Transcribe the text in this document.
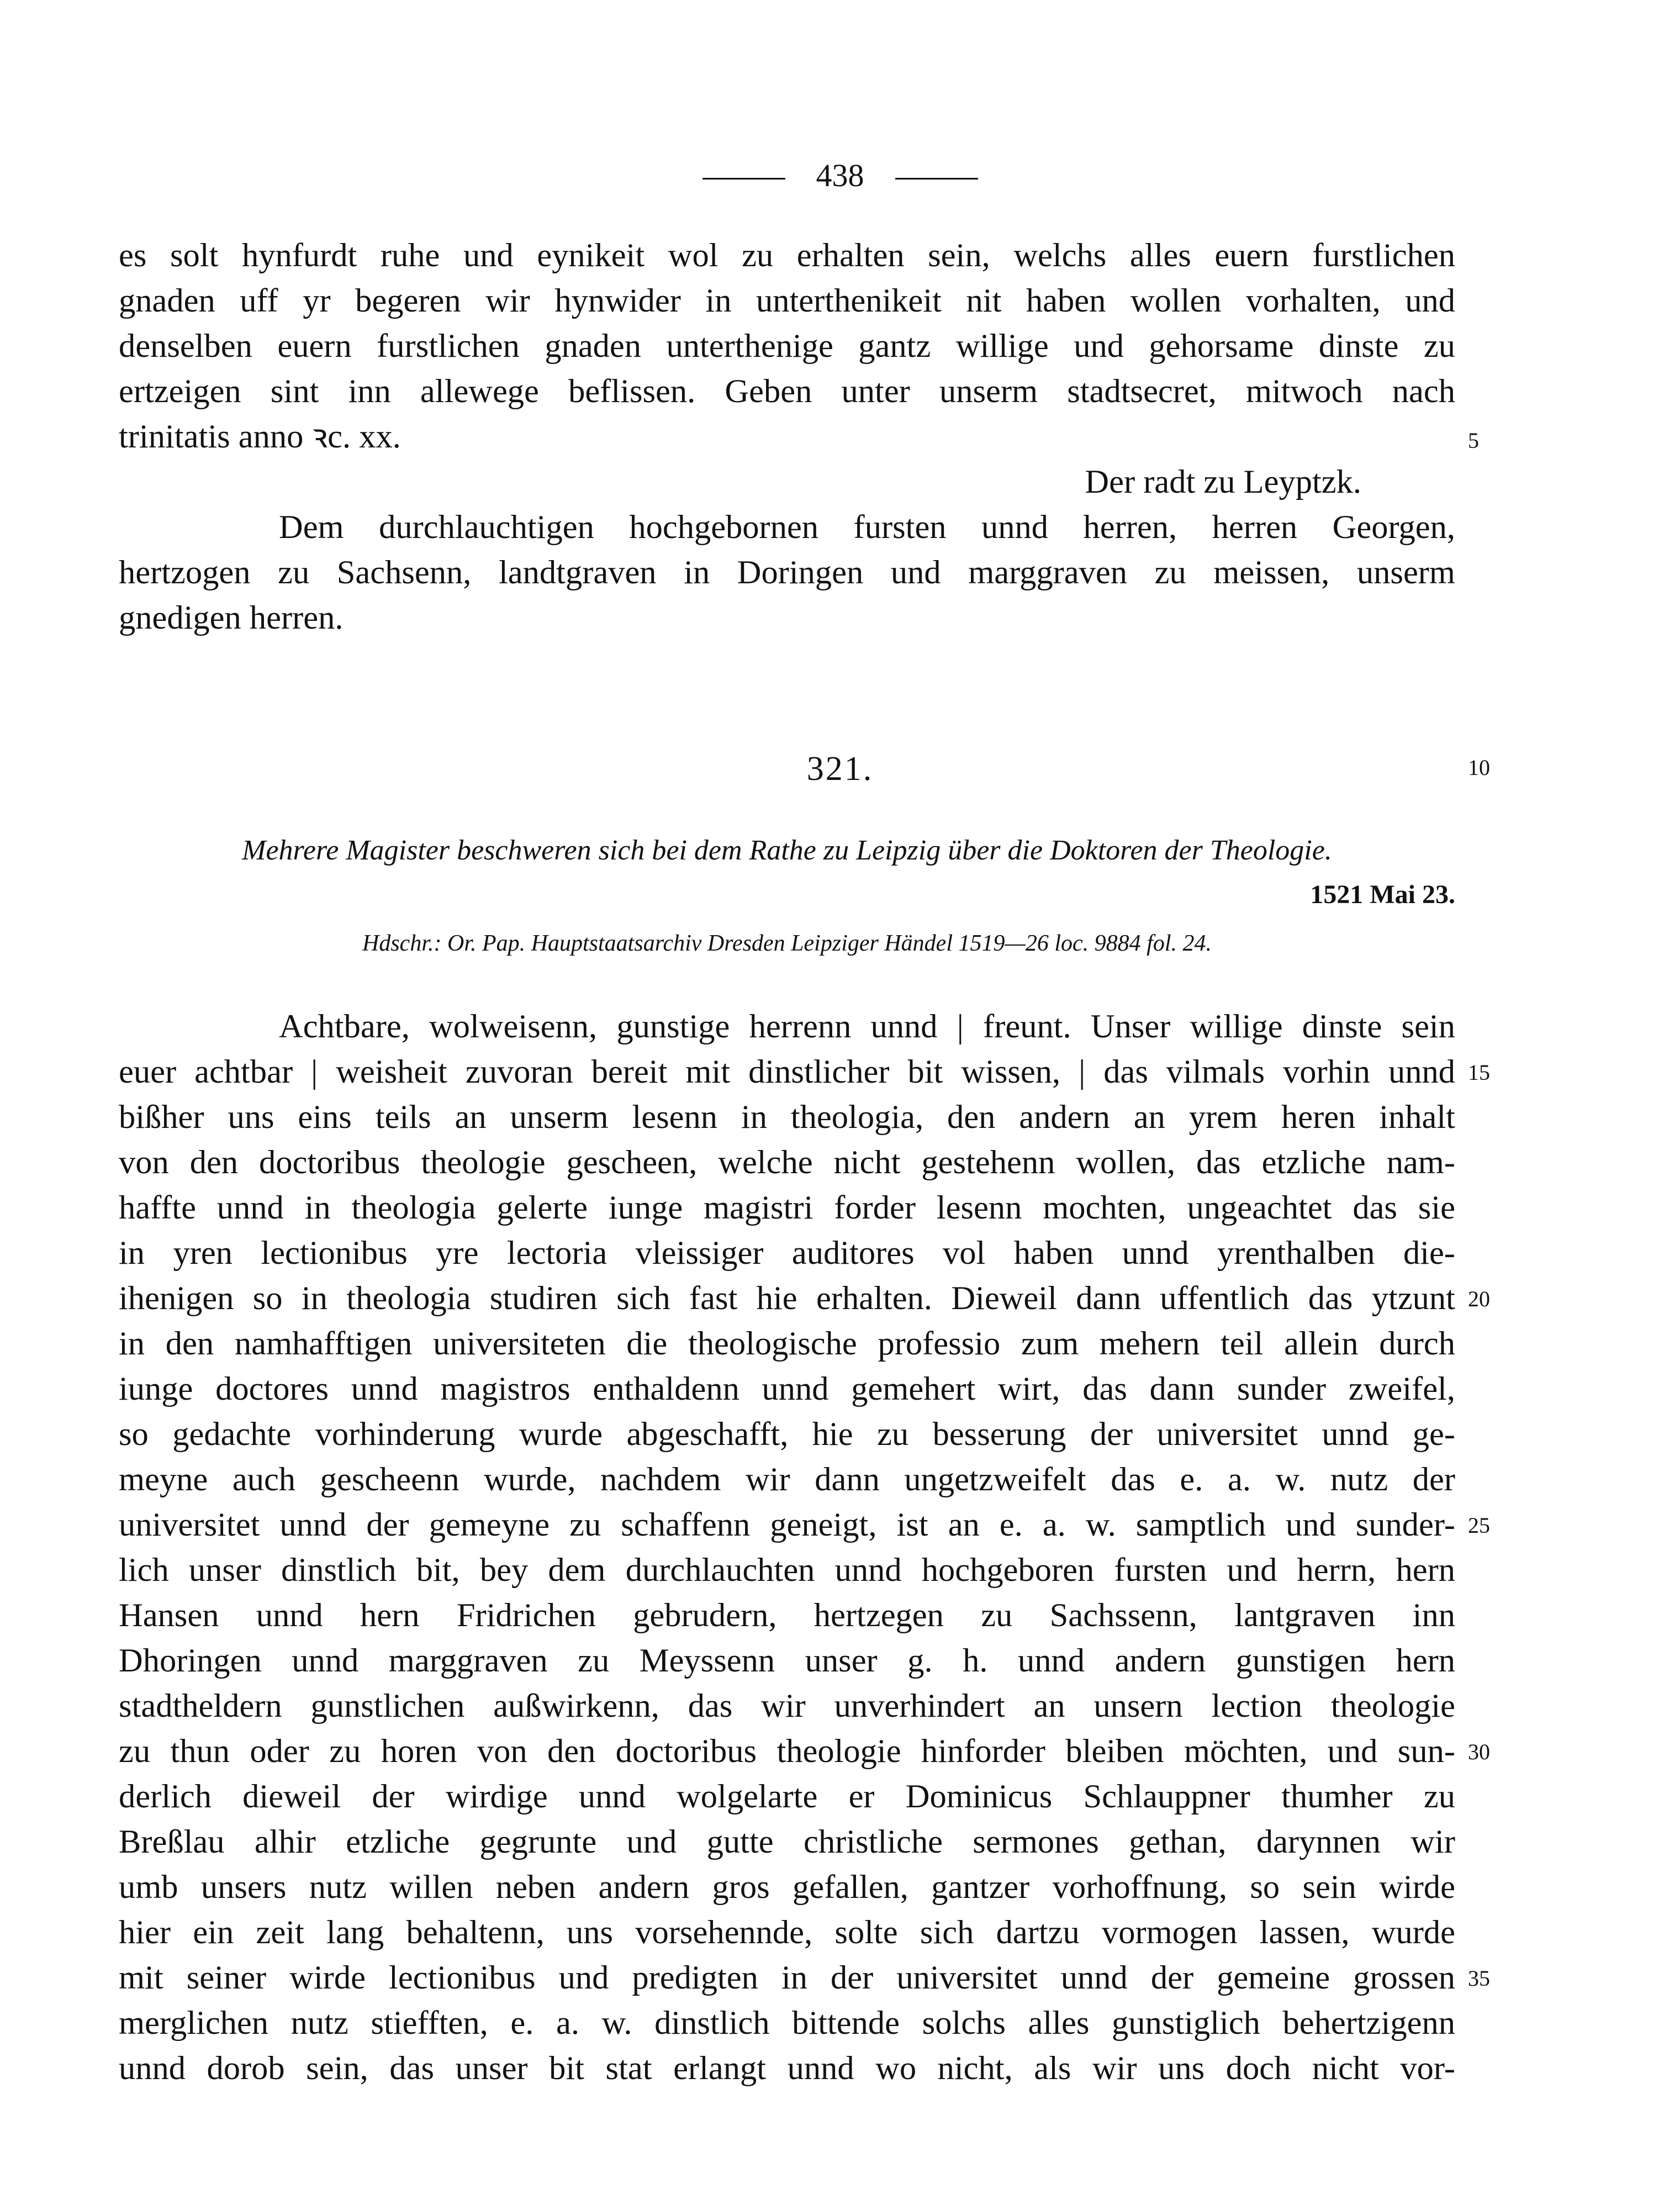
438
es solt hynfurdt ruhe und eynikeit wol zu erhalten sein, welchs alles euern furstlichen
gnaden uff yr begeren wir hynwider in unterthenikeit nit haben wollen vorhalten, und
denselben euern furstlichen gnaden unterthenige gantz willige und gehorsame dinste zu
ertzeigen sint inn allewege beflissen. Geben unter unserm stadtsecret, mitwoch nach
trinitatis anno ꝛc. xx.
Der radt zu Leyptzk.
Dem durchlauchtigen hochgebornen fursten unnd herren, herren Georgen,
hertzogen zu Sachsenn, landtgraven in Doringen und marggraven zu meissen, unserm
gnedigen herren.
321.
Mehrere Magister beschweren sich bei dem Rathe zu Leipzig über die Doktoren der Theologie.
1521 Mai 23.
Hdschr.: Or. Pap. Hauptstaatsarchiv Dresden Leipziger Händel 1519—26 loc. 9884 fol. 24.
Achtbare, wolweisenn, gunstige herrenn unnd | freunt. Unser willige dinste sein
euer achtbar | weisheit zuvoran bereit mit dinstlicher bit wissen, | das vilmals vorhin unnd
bißher uns eins teils an unserm lesenn in theologia, den andern an yrem heren inhalt
von den doctoribus theologie gescheen, welche nicht gestehenn wollen, das etzliche nam-
haffte unnd in theologia gelerte iunge magistri forder lesenn mochten, ungeachtet das sie
in yren lectionibus yre lectoria vleissiger auditores vol haben unnd yrenthalben die-
ihenigen so in theologia studiren sich fast hie erhalten. Dieweil dann uffentlich das ytzunt
in den namhafftigen universiteten die theologische professio zum mehern teil allein durch
iunge doctores unnd magistros enthaldenn unnd gemehert wirt, das dann sunder zweifel,
so gedachte vorhinderung wurde abgeschafft, hie zu besserung der universitet unnd ge-
meyne auch gescheenn wurde, nachdem wir dann ungetzweifelt das e. a. w. nutz der
universitet unnd der gemeyne zu schaffenn geneigt, ist an e. a. w. samptlich und sunder-
lich unser dinstlich bit, bey dem durchlauchten unnd hochgeboren fursten und herrn, hern
Hansen unnd hern Fridrichen gebrudern, hertzegen zu Sachssenn, lantgraven inn
Dhoringen unnd marggraven zu Meyssenn unser g. h. unnd andern gunstigen hern
stadtheldern gunstlichen außwirkenn, das wir unverhindert an unsern lection theologie
zu thun oder zu horen von den doctoribus theologie hinforder bleiben möchten, und sun-
derlich dieweil der wirdige unnd wolgelarte er Dominicus Schlauppner thumher zu
Breßlau alhir etzliche gegrunte und gutte christliche sermones gethan, darynnen wir
umb unsers nutz willen neben andern gros gefallen, gantzer vorhoffnung, so sein wirde
hier ein zeit lang behaltenn, uns vorsehennde, solte sich dartzu vormogen lassen, wurde
mit seiner wirde lectionibus und predigten in der universitet unnd der gemeine grossen
merglichen nutz stiefften, e. a. w. dinstlich bittende solchs alles gunstiglich behertzigenn
unnd dorob sein, das unser bit stat erlangt unnd wo nicht, als wir uns doch nicht vor-
5
10
15
20
25
30
35
